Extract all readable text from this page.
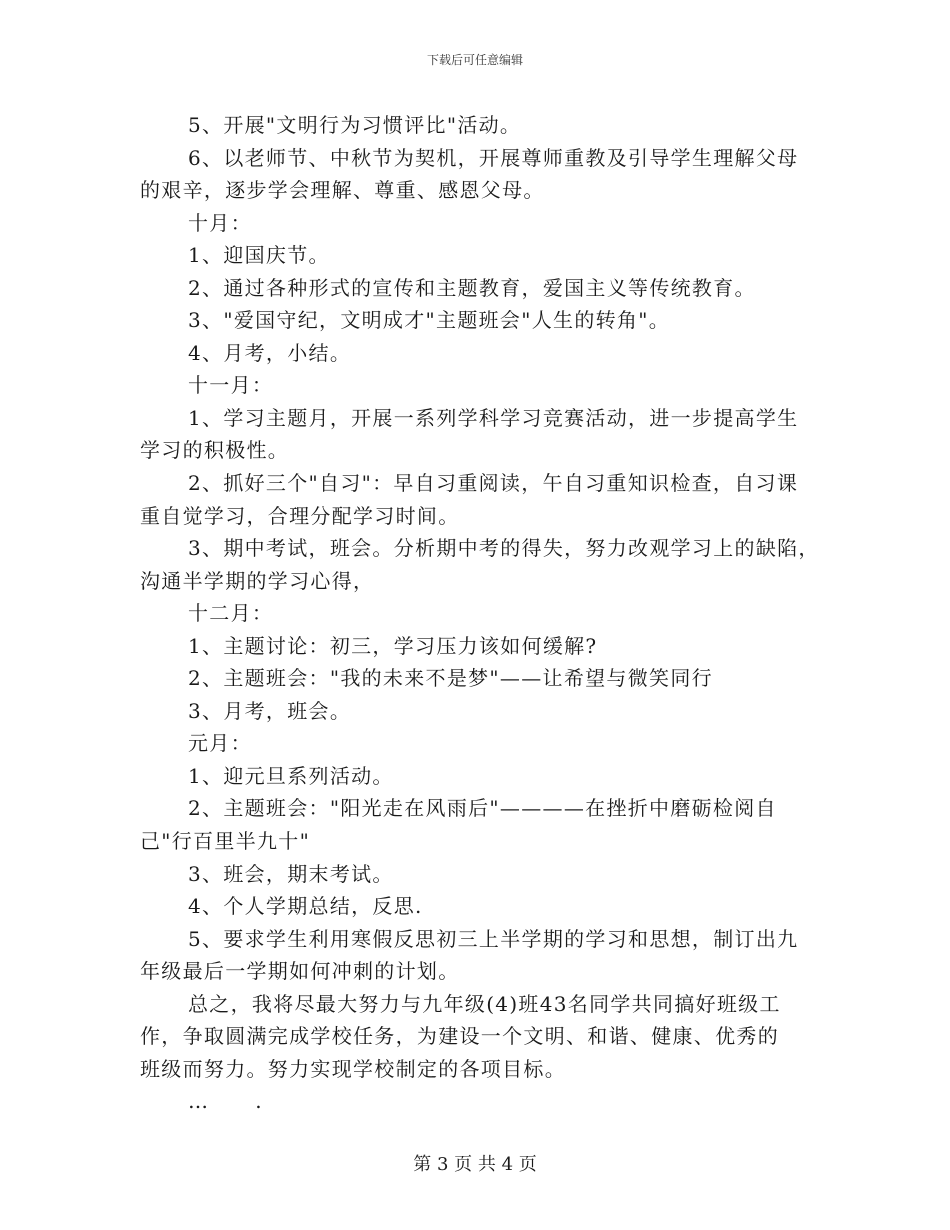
下载后可任意编辑
5、开展"文明行为习惯评比"活动。
6、以老师节、中秋节为契机，开展尊师重教及引导学生理解父母
的艰辛，逐步学会理解、尊重、感恩父母。
十月：
1、迎国庆节。
2、通过各种形式的宣传和主题教育，爱国主义等传统教育。
3、"爱国守纪，文明成才"主题班会"人生的转角"。
4、月考，小结。
十一月：
1、学习主题月，开展一系列学科学习竞赛活动，进一步提高学生
学习的积极性。
2、抓好三个"自习"：早自习重阅读，午自习重知识检查，自习课
重自觉学习，合理分配学习时间。
3、期中考试，班会。分析期中考的得失，努力改观学习上的缺陷，
沟通半学期的学习心得，
十二月：
1、主题讨论：初三，学习压力该如何缓解?
2、主题班会："我的未来不是梦"——让希望与微笑同行
3、月考，班会。
元月：
1、迎元旦系列活动。
2、主题班会："阳光走在风雨后"————在挫折中磨砺检阅自
己"行百里半九十"
3、班会，期末考试。
4、个人学期总结，反思.
5、要求学生利用寒假反思初三上半学期的学习和思想，制订出九
年级最后一学期如何冲刺的计划。
总之，我将尽最大努力与九年级(4)班43名同学共同搞好班级工
作，争取圆满完成学校任务，为建设一个文明、和谐、健康、优秀的
班级而努力。努力实现学校制定的各项目标。
…      .
第 3 页 共 4 页
